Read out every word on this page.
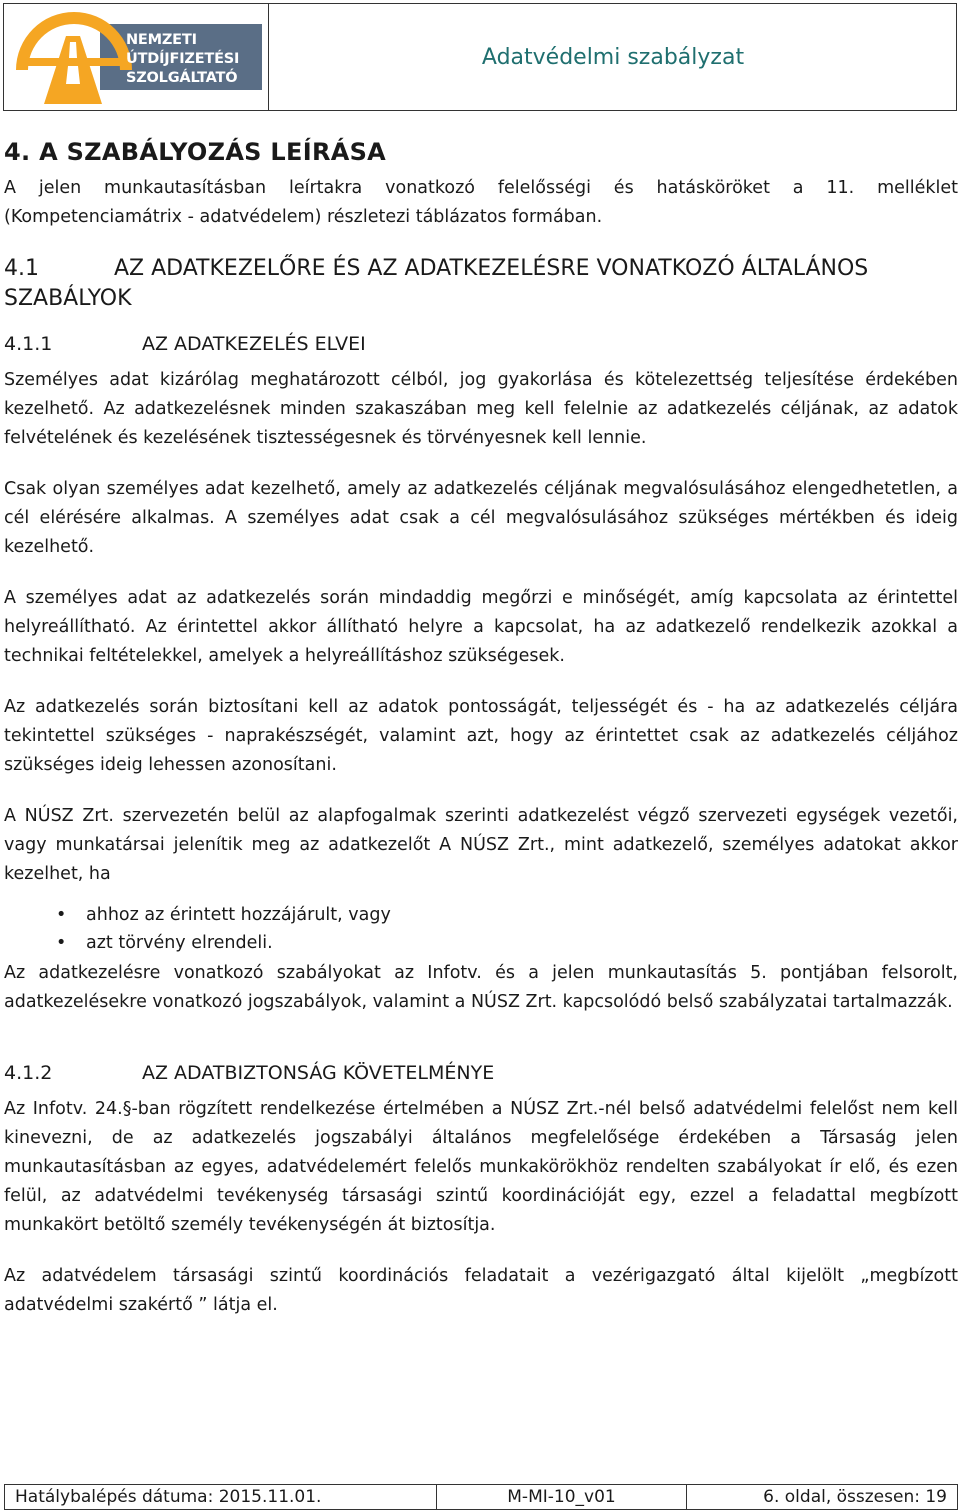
NEMZETI
ÚTDÍJFIZETÉSI
SZOLGÁLTATÓ ZRT.
Adatvédelmi szabályzat
4. A SZABÁLYOZÁS LEÍRÁSA

A jelen munkautasításban leírtakra vonatkozó felelősségi és hatásköröket a 11. melléklet (Kompetenciamátrix - adatvédelem) részletezi táblázatos formában.

4.1	AZ ADATKEZELŐRE ÉS AZ ADATKEZELÉSRE VONATKOZÓ ÁLTALÁNOS SZABÁLYOK
4.1.1	AZ ADATKEZELÉS ELVEI

Személyes adat kizárólag meghatározott célból, jog gyakorlása és kötelezettség teljesítése érdekében kezelhető. Az adatkezelésnek minden szakaszában meg kell felelnie az adatkezelés céljának, az adatok felvételének és kezelésének tisztességesnek és törvényesnek kell lennie.

Csak olyan személyes adat kezelhető, amely az adatkezelés céljának megvalósulásához elengedhetetlen, a cél elérésére alkalmas. A személyes adat csak a cél megvalósulásához szükséges mértékben és ideig kezelhető.

A személyes adat az adatkezelés során mindaddig megőrzi e minőségét, amíg kapcsolata az érintettel helyreállítható. Az érintettel akkor állítható helyre a kapcsolat, ha az adatkezelő rendelkezik azokkal a technikai feltételekkel, amelyek a helyreállításhoz szükségesek.

Az adatkezelés során biztosítani kell az adatok pontosságát, teljességét és - ha az adatkezelés céljára tekintettel szükséges - naprakészségét, valamint azt, hogy az érintettet csak az adatkezelés céljához szükséges ideig lehessen azonosítani.

A NÚSZ Zrt. szervezetén belül az alapfogalmak szerinti adatkezelést végző szervezeti egységek vezetői, vagy munkatársai jelenítik meg az adatkezelőt A NÚSZ Zrt., mint adatkezelő, személyes adatokat akkor kezelhet, ha

• ahhoz az érintett hozzájárult, vagy
• azt törvény elrendeli.

Az adatkezelésre vonatkozó szabályokat az Infotv. és a jelen munkautasítás 5. pontjában felsorolt, adatkezelésekre vonatkozó jogszabályok, valamint a NÚSZ Zrt. kapcsolódó belső szabályzatai tartalmazzák.

4.1.2	AZ ADATBIZTONSÁG KÖVETELMÉNYE

Az Infotv. 24.§-ban rögzített rendelkezése értelmében a NÚSZ Zrt.-nél belső adatvédelmi felelőst nem kell kinevezni, de az adatkezelés jogszabályi általános megfelelősége érdekében a Társaság jelen munkautasításban az egyes, adatvédelemért felelős munkakörökhöz rendelten szabályokat ír elő, és ezen felül, az adatvédelmi tevékenység társasági szintű koordinációját egy, ezzel a feladattal megbízott munkakört betöltő személy tevékenységén át biztosítja.

Az adatvédelem társasági szintű koordinációs feladatait a vezérigazgató által kijelölt „megbízott adatvédelmi szakértő ” látja el.

Hatálybalépés dátuma: 2015.11.01.	M-MI-10_v01	6. oldal, összesen: 19
